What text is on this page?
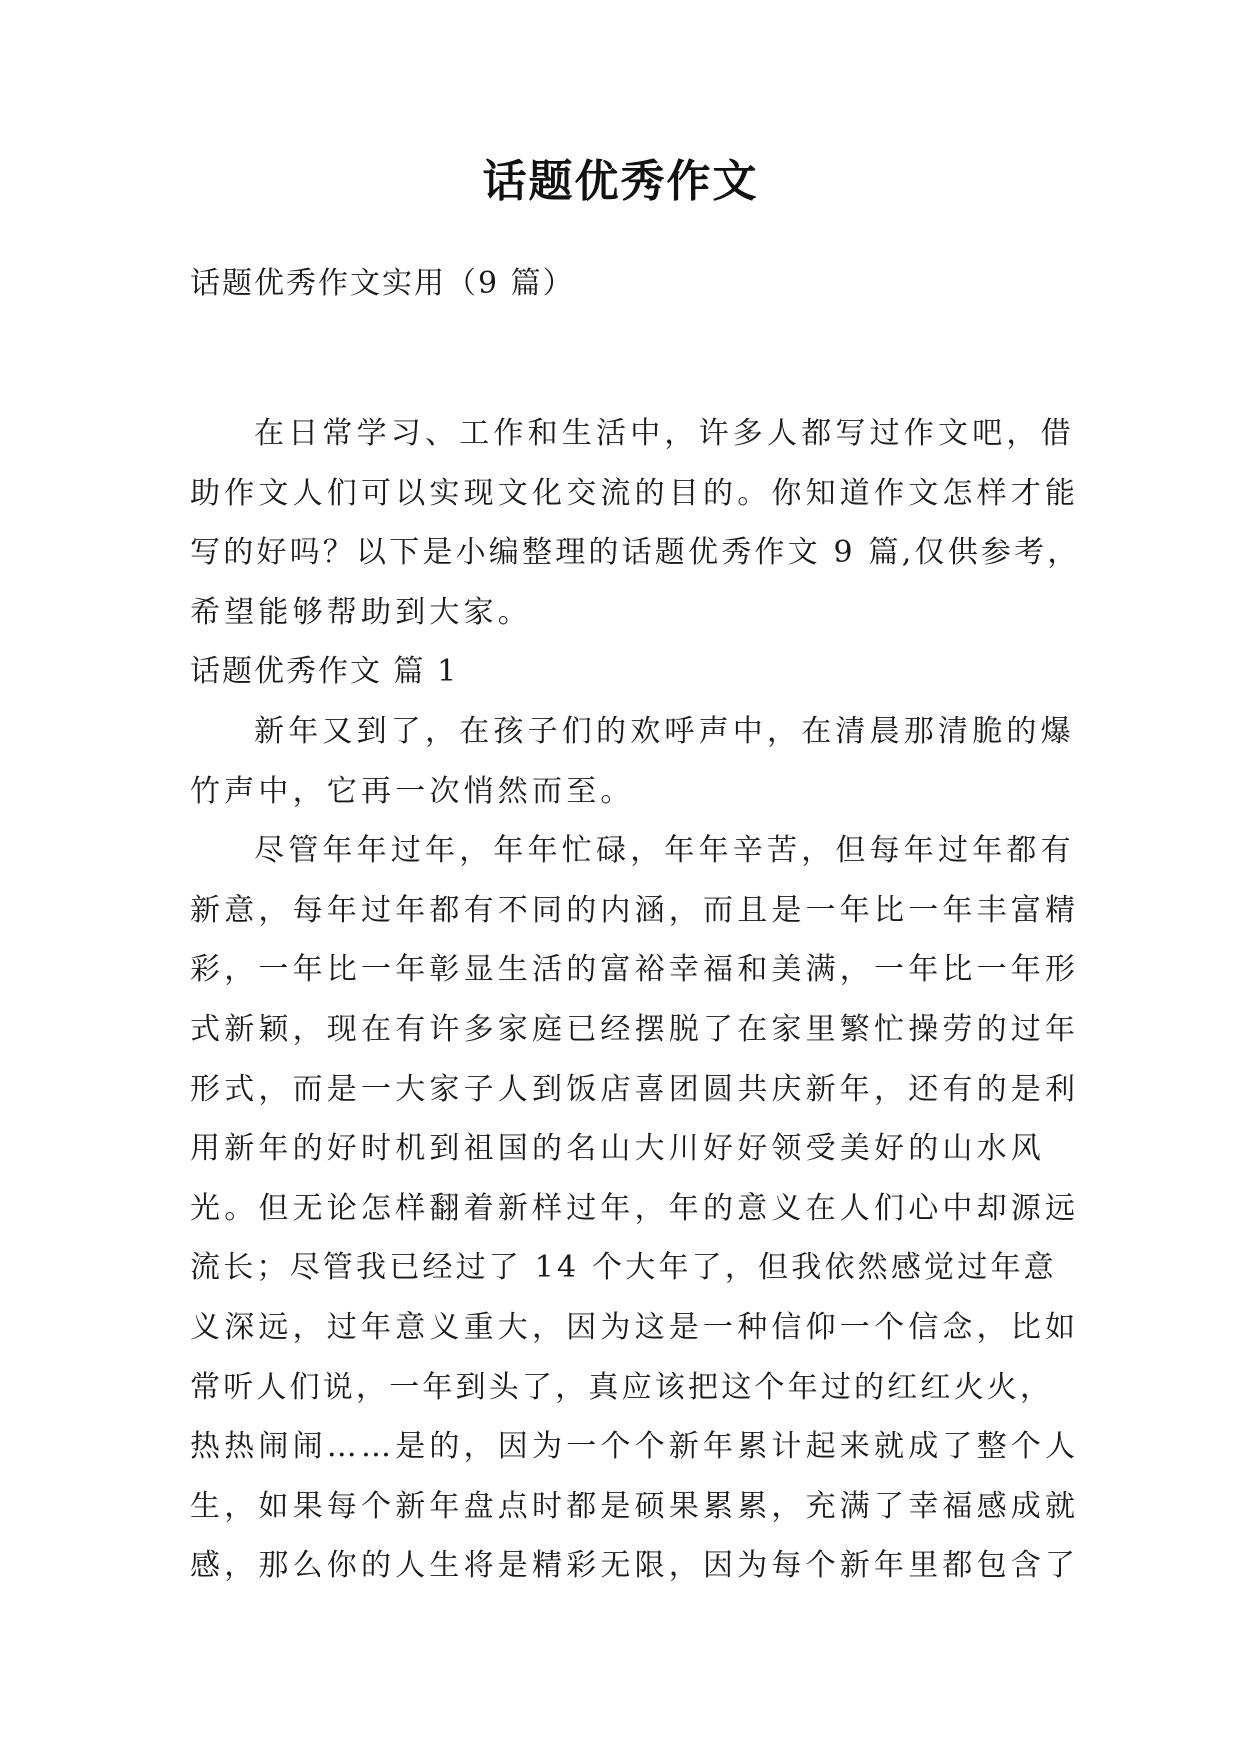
话题优秀作文
话题优秀作文实用（9 篇）
在日常学习、工作和生活中，许多人都写过作文吧，借
助作文人们可以实现文化交流的目的。你知道作文怎样才能
写的好吗？以下是小编整理的话题优秀作文 9 篇,仅供参考，
希望能够帮助到大家。
话题优秀作文 篇 1
新年又到了，在孩子们的欢呼声中，在清晨那清脆的爆
竹声中，它再一次悄然而至。
尽管年年过年，年年忙碌，年年辛苦，但每年过年都有
新意，每年过年都有不同的内涵，而且是一年比一年丰富精
彩，一年比一年彰显生活的富裕幸福和美满，一年比一年形
式新颖，现在有许多家庭已经摆脱了在家里繁忙操劳的过年
形式，而是一大家子人到饭店喜团圆共庆新年，还有的是利
用新年的好时机到祖国的名山大川好好领受美好的山水风
光。但无论怎样翻着新样过年，年的意义在人们心中却源远
流长；尽管我已经过了 14 个大年了，但我依然感觉过年意
义深远，过年意义重大，因为这是一种信仰一个信念，比如
常听人们说，一年到头了，真应该把这个年过的红红火火，
热热闹闹……是的，因为一个个新年累计起来就成了整个人
生，如果每个新年盘点时都是硕果累累，充满了幸福感成就
感，那么你的人生将是精彩无限，因为每个新年里都包含了
